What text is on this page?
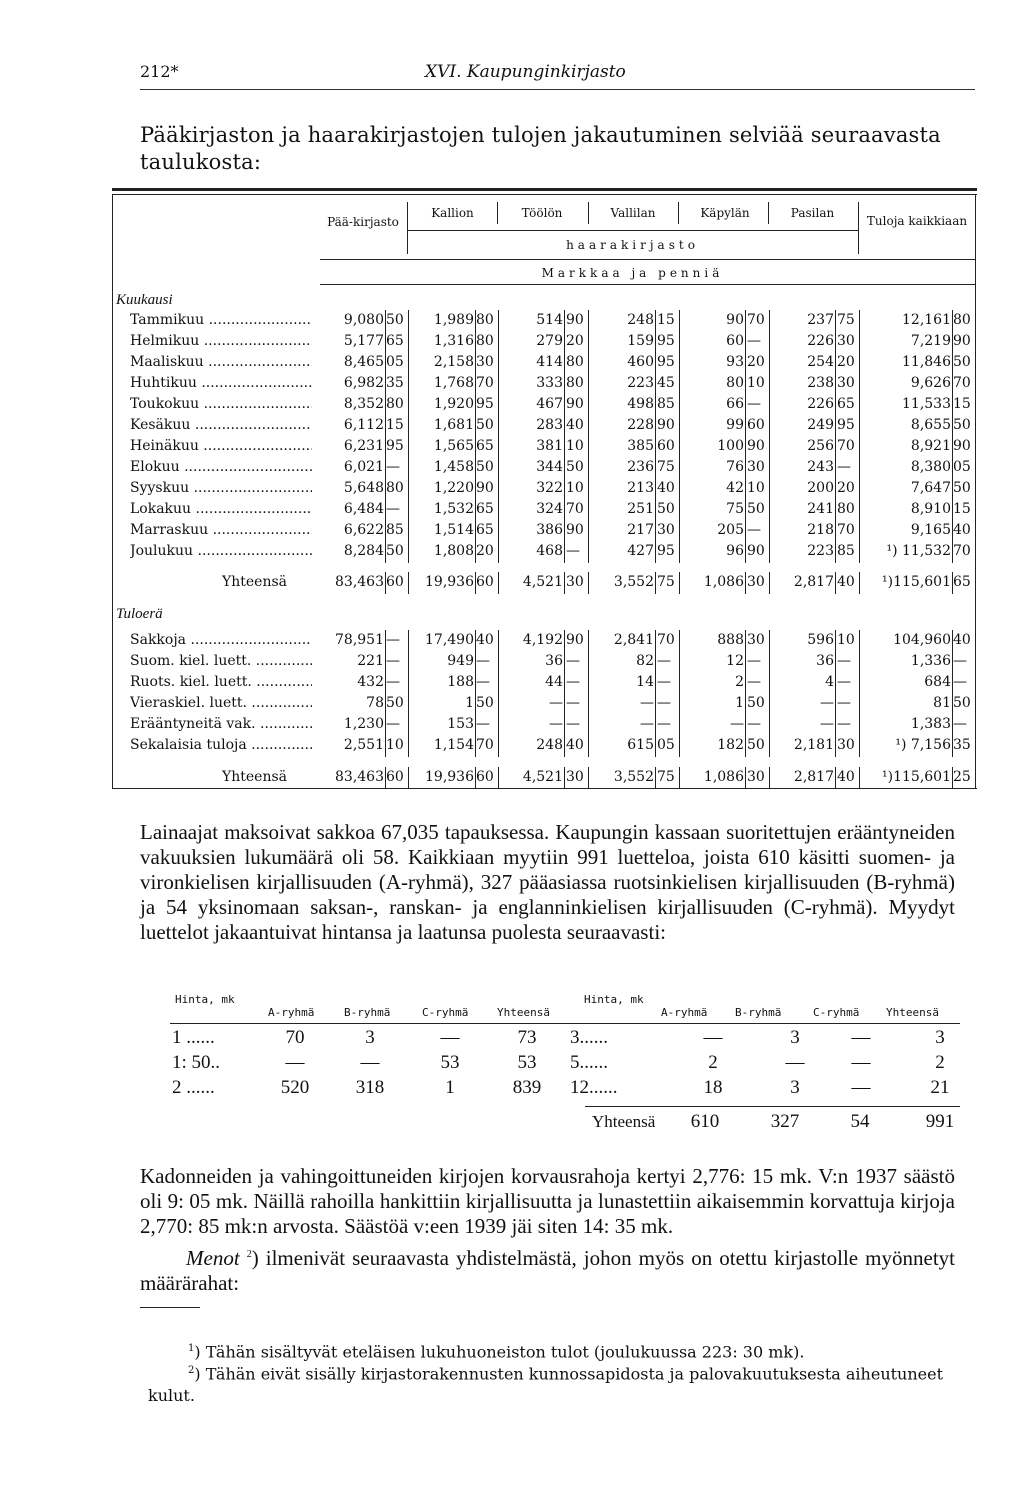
212*	XVI. Kaupunginkirjasto
Pääkirjaston ja haarakirjastojen tulojen jakautuminen selviää seuraavasta taulukosta:
Pää-kirjasto
Kallion	Töölön	Vallilan	Käpylän	Pasilan
haarakirjasto
Tuloja kaikkiaan
Markkaa ja penniä
Kuukausi
Tuloerä
Tammikuu .....	9,080 50	1,989 80	514 90	248 15	90 70	237 75	12,161 80
Helmikuu .....	5,177 65	1,316 80	279 20	159 95	60 —	226 30	7,219 90
Maaliskuu .....	8,465 05	2,158 30	414 80	460 95	93 20	254 20	11,846 50
Huhtikuu .....	6,982 35	1,768 70	333 80	223 45	80 10	238 30	9,626 70
Toukokuu .....	8,352 80	1,920 95	467 90	498 85	66 —	226 65	11,533 15
Kesäkuu .....	6,112 15	1,681 50	283 40	228 90	99 60	249 95	8,655 50
Heinäkuu .....	6,231 95	1,565 65	381 10	385 60	100 90	256 70	8,921 90
Elokuu .....	6,021 —	1,458 50	344 50	236 75	76 30	243 —	8,380 05
Syyskuu .....	5,648 80	1,220 90	322 10	213 40	42 10	200 20	7,647 50
Lokakuu .....	6,484 —	1,532 65	324 70	251 50	75 50	241 80	8,910 15
Marraskuu .....	6,622 85	1,514 65	386 90	217 30	205 —	218 70	9,165 40
Joulukuu .....	8,284 50	1,808 20	468 —	427 95	96 90	223 85	¹) 11,532 70
Yhteensä	83,463 60	19,936 60	4,521 30	3,552 75	1,086 30	2,817 40	¹)115,601 65
Sakkoja .....	78,951 —	17,490 40	4,192 90	2,841 70	888 30	596 10	104,960 40
Suom. kiel. luett. .....	221 —	949 —	36 —	82 —	12 —	36 —	1,336 —
Ruots. kiel. luett. .....	432 —	188 —	44 —	14 —	2 —	4 —	684 —
Vieraskiel. luett. .....	78 50	1 50	— —	— —	1 50	— —	81 50
Erääntyneitä vak. .....	1,230 —	153 —	— —	— —	— —	— —	1,383 —
Sekalaisia tuloja .....	2,551 10	1,154 70	248 40	615 05	182 50	2,181 30	¹) 7,156 35
Yhteensä	83,463 60	19,936 60	4,521 30	3,552 75	1,086 30	2,817 40	¹)115,601 25
Lainaajat maksoivat sakkoa 67,035 tapauksessa. Kaupungin kassaan suoritettujen erääntyneiden vakuuksien lukumäärä oli 58. Kaikkiaan myytiin 991 luetteloa, joista 610 käsitti suomen- ja vironkielisen kirjallisuuden (A-ryhmä), 327 pääasiassa ruotsinkielisen kirjallisuuden (B-ryhmä) ja 54 yksinomaan saksan-, ranskan- ja englanninkielisen kirjallisuuden (C-ryhmä). Myydyt luettelot jakaantuivat hintansa ja laatunsa puolesta seuraavasti:
Hinta, mk
A-ryhmä	B-ryhmä	C-ryhmä	Yhteensä
Hinta, mk
A-ryhmä	B-ryhmä	C-ryhmä Yhteensä
1 ......	70	3	—	73
1: 50..	—	—	53	53
2 ......	520	318	1	839
3......	—	3	—	3
5......	2	—	—	2
12......	18	3	—	21
Yhteensä	610	327	54	991
Kadonneiden ja vahingoittuneiden kirjojen korvausrahoja kertyi 2,776: 15 mk. V:n 1937 säästö oli 9: 05 mk. Näillä rahoilla hankittiin kirjallisuutta ja lunastettiin aikaisemmin korvattuja kirjoja 2,770: 85 mk:n arvosta. Säästöä v:een 1939 jäi siten 14: 35 mk.
Menot $^2$) ilmenivät seuraavasta yhdistelmästä, johon myös on otettu kirjastolle myönnetyt määrärahat:
$^1$) Tähän sisältyvät eteläisen lukuhuoneiston tulot (joulukuussa 223: 30 mk).
$^2$) Tähän eivät sisälly kirjastorakennusten kunnossapidosta ja palovakuutuksesta aiheutuneet kulut.
